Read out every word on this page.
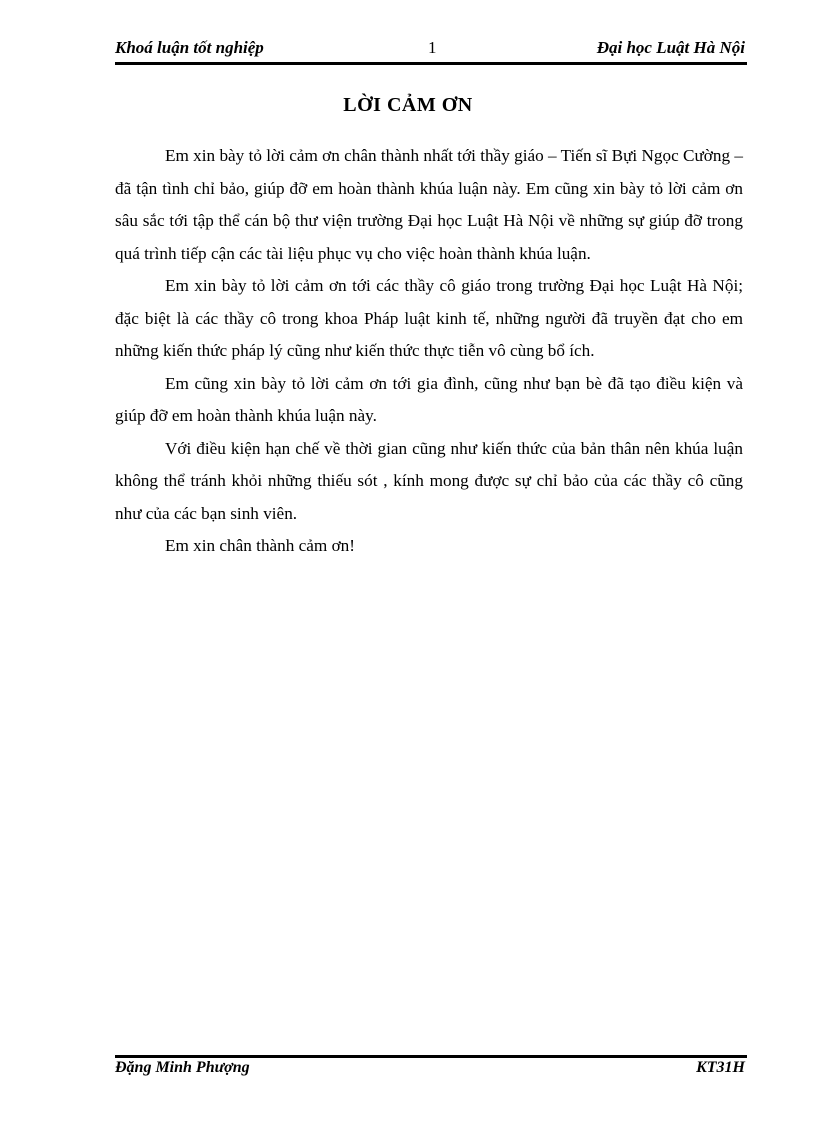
Khoá luận tốt nghiệp	1	Đại học Luật Hà Nội
LỜI CẢM ƠN

Em xin bày tỏ lời cảm ơn chân thành nhất tới thầy giáo – Tiến sĩ Bựi Ngọc Cường – đã tận tình chỉ bảo, giúp đỡ em hoàn thành khúa luận này. Em cũng xin bày tỏ lời cảm ơn sâu sắc tới tập thể cán bộ thư viện trường Đại học Luật Hà Nội về những sự giúp đỡ trong quá trình tiếp cận các tài liệu phục vụ cho việc hoàn thành khúa luận.

Em xin bày tỏ lời cảm ơn tới các thầy cô giáo trong trường Đại học Luật Hà Nội; đặc biệt là các thầy cô trong khoa Pháp luật kinh tế, những người đã truyền đạt cho em những kiến thức pháp lý cũng như kiến thức thực tiễn vô cùng bổ ích.

Em cũng xin bày tỏ lời cảm ơn tới gia đình, cũng như bạn bè đã tạo điều kiện và giúp đỡ em hoàn thành khúa luận này.

Với điều kiện hạn chế về thời gian cũng như kiến thức của bản thân nên khúa luận không thể tránh khỏi những thiếu sót , kính mong được sự chỉ bảo của các thầy cô cũng như của các bạn sinh viên.

Em xin chân thành cảm ơn!

Đặng Minh Phượng	KT31H
